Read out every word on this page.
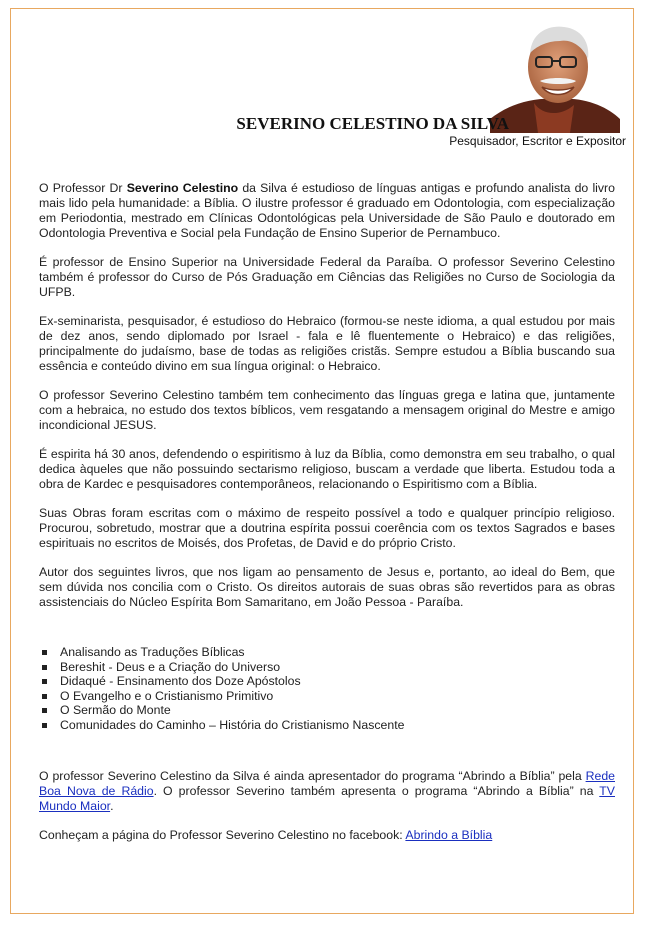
SEVERINO CELESTINO DA SILVA
Pesquisador, Escritor e Expositor

O Professor Dr Severino Celestino da Silva é estudioso de línguas antigas e profundo analista do livro mais lido pela humanidade: a Bíblia. O ilustre professor é graduado em Odontologia, com especialização em Periodontia, mestrado em Clínicas Odontológicas pela Universidade de São Paulo e doutorado em Odontologia Preventiva e Social pela Fundação de Ensino Superior de Pernambuco.

É professor de Ensino Superior na Universidade Federal da Paraíba. O professor Severino Celestino também é professor do Curso de Pós Graduação em Ciências das Religiões no Curso de Sociologia da UFPB.

Ex-seminarista, pesquisador, é estudioso do Hebraico (formou-se neste idioma, a qual estudou por mais de dez anos, sendo diplomado por Israel - fala e lê fluentemente o Hebraico) e das religiões, principalmente do judaísmo, base de todas as religiões cristãs. Sempre estudou a Bíblia buscando sua essência e conteúdo divino em sua língua original: o Hebraico.

O professor Severino Celestino também tem conhecimento das línguas grega e latina que, juntamente com a hebraica, no estudo dos textos bíblicos, vem resgatando a mensagem original do Mestre e amigo incondicional JESUS.

É espirita há 30 anos, defendendo o espiritismo à luz da Bíblia, como demonstra em seu trabalho, o qual dedica àqueles que não possuindo sectarismo religioso, buscam a verdade que liberta. Estudou toda a obra de Kardec e pesquisadores contemporâneos, relacionando o Espiritismo com a Bíblia.

Suas Obras foram escritas com o máximo de respeito possível a todo e qualquer princípio religioso. Procurou, sobretudo, mostrar que a doutrina espírita possui coerência com os textos Sagrados e bases espirituais no escritos de Moisés, dos Profetas, de David e do próprio Cristo.

Autor dos seguintes livros, que nos ligam ao pensamento de Jesus e, portanto, ao ideal do Bem, que sem dúvida nos concilia com o Cristo. Os direitos autorais de suas obras são revertidos para as obras assistenciais do Núcleo Espírita Bom Samaritano, em João Pessoa - Paraíba.

Analisando as Traduções Bíblicas
Bereshit - Deus e a Criação do Universo
Didaqué - Ensinamento dos Doze Apóstolos
O Evangelho e o Cristianismo Primitivo
O Sermão do Monte
Comunidades do Caminho – História do Cristianismo Nascente

O professor Severino Celestino da Silva é ainda apresentador do programa “Abrindo a Bíblia” pela Rede Boa Nova de Rádio. O professor Severino também apresenta o programa “Abrindo a Bíblia” na TV Mundo Maior.

Conheçam a página do Professor Severino Celestino no facebook: Abrindo a Bíblia
